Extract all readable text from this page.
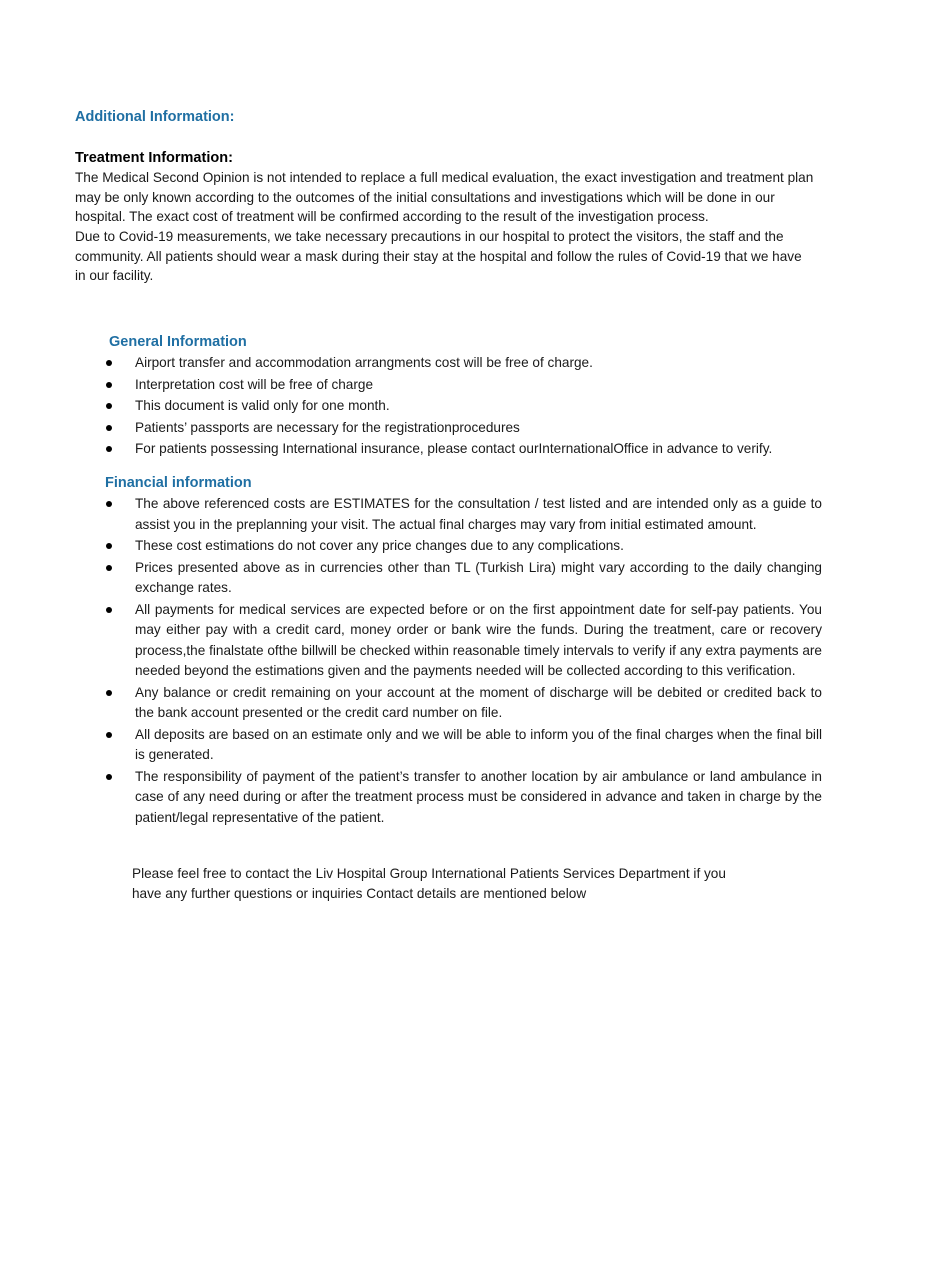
Additional Information:
Treatment Information:

The Medical Second Opinion is not intended to replace a full medical evaluation, the exact investigation and treatment plan may be only known according to the outcomes of the initial consultations and investigations which will be done in our hospital. The exact cost of treatment will be confirmed according to the result of the investigation process.

Due to Covid-19 measurements, we take necessary precautions in our hospital to protect the visitors, the staff and the community. All patients should wear a mask during their stay at the hospital and follow the rules of Covid-19 that we have in our facility.

General Information
Airport transfer and accommodation arrangments cost will be free of charge.
Interpretation cost will be free of charge
This document is valid only for one month.
Patients’ passports are necessary for the registrationprocedures
For patients possessing International insurance, please contact ourInternationalOffice in advance to verify.
Financial information
The above referenced costs are ESTIMATES for the consultation / test listed and are intended only as a guide to assist you in the preplanning your visit. The actual final charges may vary from initial estimated amount.
These cost estimations do not cover any price changes due to any complications.
Prices presented above as in currencies other than TL (Turkish Lira) might vary according to the daily changing exchange rates.
All payments for medical services are expected before or on the first appointment date for self-pay patients. You may either pay with a credit card, money order or bank wire the funds. During the treatment, care or recovery process,the finalstate ofthe billwill be checked within reasonable timely intervals to verify if any extra payments are needed beyond the estimations given and the payments needed will be collected according to this verification.
Any balance or credit remaining on your account at the moment of discharge will be debited or credited back to the bank account presented or the credit card number on file.
All deposits are based on an estimate only and we will be able to inform you of the final charges when the final bill is generated.
The responsibility of payment of the patient’s transfer to another location by air ambulance or land ambulance in case of any need during or after the treatment process must be considered in advance and taken in charge by the patient/legal representative of the patient.

Please feel free to contact the Liv Hospital Group International Patients Services Department if you

have any further questions or inquiries Contact details are mentioned below
